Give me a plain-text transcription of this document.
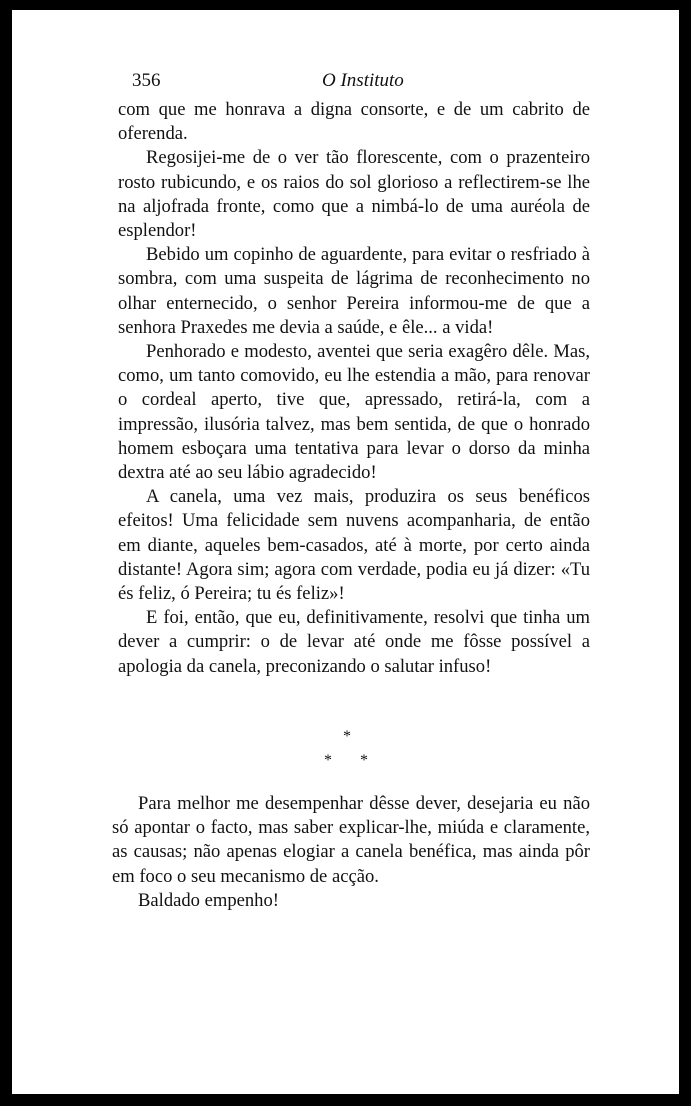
356	O Instituto

com que me honrava a digna consorte, e de um cabrito de oferenda.

Regosijei-me de o ver tão florescente, com o prazenteiro rosto rubicundo, e os raios do sol glorioso a reflectirem-se lhe na aljofrada fronte, como que a nimbá-lo de uma auréola de esplendor!

Bebido um copinho de aguardente, para evitar o resfriado à sombra, com uma suspeita de lágrima de reconhecimento no olhar enternecido, o senhor Pereira informou-me de que a senhora Praxedes me devia a saúde, e êle... a vida!

Penhorado e modesto, aventei que seria exagêro dêle. Mas, como, um tanto comovido, eu lhe estendia a mão, para renovar o cordeal aperto, tive que, apressado, retirá-la, com a impressão, ilusória talvez, mas bem sentida, de que o honrado homem esboçara uma tentativa para levar o dorso da minha dextra até ao seu lábio agradecido!

A canela, uma vez mais, produzira os seus benéficos efeitos! Uma felicidade sem nuvens acompanharia, de então em diante, aqueles bem-casados, até à morte, por certo ainda distante! Agora sim; agora com verdade, podia eu já dizer: «Tu és feliz, ó Pereira; tu és feliz»!

E foi, então, que eu, definitivamente, resolvi que tinha um dever a cumprir: o de levar até onde me fôsse possível a apologia da canela, preconizando o salutar infuso!

*
* *

Para melhor me desempenhar dêsse dever, desejaria eu não só apontar o facto, mas saber explicar-lhe, miúda e claramente, as causas; não apenas elogiar a canela benéfica, mas ainda pôr em foco o seu mecanismo de acção.

Baldado empenho!
